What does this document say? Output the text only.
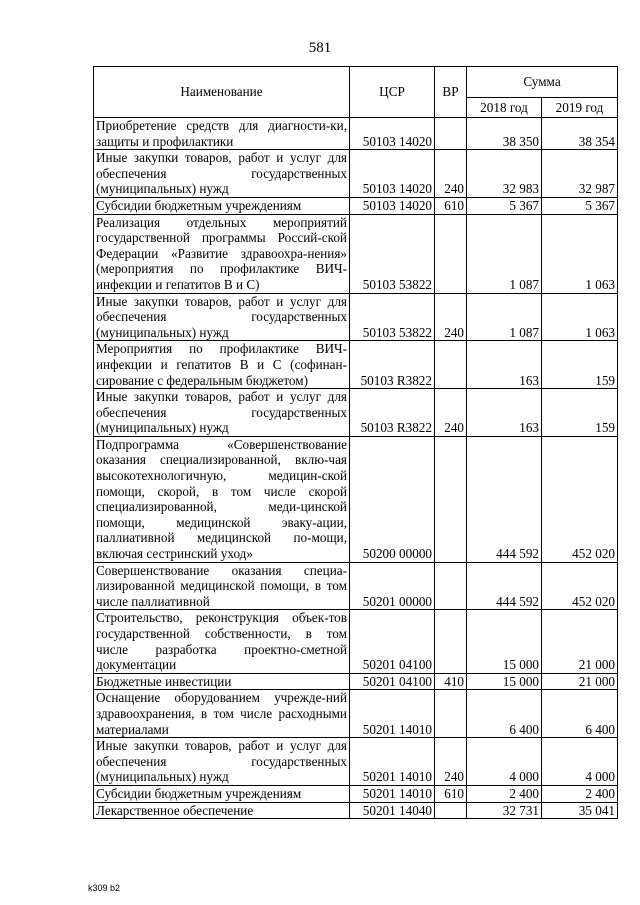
581
Наименование	ЦСР	ВР	Сумма	
			2018 год	2019 год
Приобретение средств для диагности-ки, защиты и профилактики	50103 14020		38 350	38 354
Иные закупки товаров, работ и услуг для обеспечения государственных (муниципальных) нужд	50103 14020	240	32 983	32 987
Субсидии бюджетным учреждениям	50103 14020	610	5 367	5 367
Реализация отдельных мероприятий государственной программы Россий-ской Федерации «Развитие здравоохра-нения» (мероприятия по профилактике ВИЧ-инфекции и гепатитов В и С)	50103 53822		1 087	1 063
Иные закупки товаров, работ и услуг для обеспечения государственных (муниципальных) нужд	50103 53822	240	1 087	1 063
Мероприятия по профилактике ВИЧ-инфекции и гепатитов В и С (софинан-сирование с федеральным бюджетом)	50103 R3822		163	159
Иные закупки товаров, работ и услуг для обеспечения государственных (муниципальных) нужд	50103 R3822	240	163	159
Подпрограмма «Совершенствование оказания специализированной, вклю-чая высокотехнологичную, медицин-ской помощи, скорой, в том числе скорой специализированной, меди-цинской помощи, медицинской эваку-ации, паллиативной медицинской по-мощи, включая сестринский уход»	50200 00000		444 592	452 020
Совершенствование оказания специа-лизированной медицинской помощи, в том числе паллиативной	50201 00000		444 592	452 020
Строительство, реконструкция объек-тов государственной собственности, в том числе разработка проектно-сметной документации	50201 04100		15 000	21 000
Бюджетные инвестиции	50201 04100	410	15 000	21 000
Оснащение оборудованием учрежде-ний здравоохранения, в том числе расходными материалами	50201 14010		6 400	6 400
Иные закупки товаров, работ и услуг для обеспечения государственных (муниципальных) нужд	50201 14010	240	4 000	4 000
Субсидии бюджетным учреждениям	50201 14010	610	2 400	2 400
Лекарственное обеспечение	50201 14040		32 731	35 041
k309 b2
